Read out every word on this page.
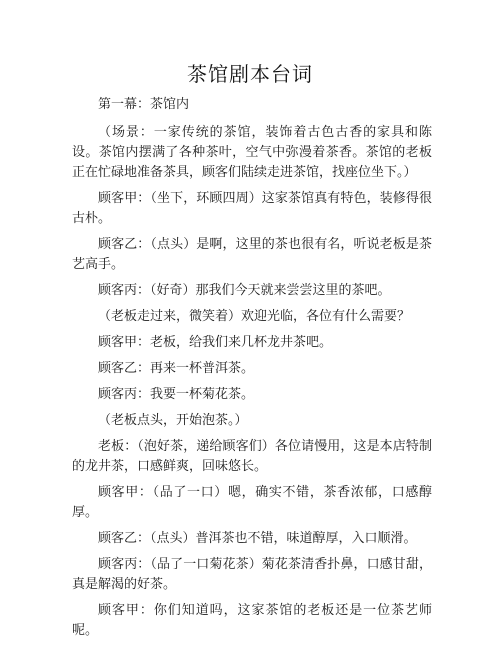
茶馆剧本台词

第一幕：茶馆内

（场景：一家传统的茶馆，装饰着古色古香的家具和陈设。茶馆内摆满了各种茶叶，空气中弥漫着茶香。茶馆的老板正在忙碌地准备茶具，顾客们陆续走进茶馆，找座位坐下。）

顾客甲：（坐下，环顾四周）这家茶馆真有特色，装修得很古朴。

顾客乙：（点头）是啊，这里的茶也很有名，听说老板是茶艺高手。

顾客丙：（好奇）那我们今天就来尝尝这里的茶吧。

（老板走过来，微笑着）欢迎光临，各位有什么需要？

顾客甲：老板，给我们来几杯龙井茶吧。

顾客乙：再来一杯普洱茶。

顾客丙：我要一杯菊花茶。

（老板点头，开始泡茶。）

老板：（泡好茶，递给顾客们）各位请慢用，这是本店特制的龙井茶，口感鲜爽，回味悠长。

顾客甲：（品了一口）嗯，确实不错，茶香浓郁，口感醇厚。

顾客乙：（点头）普洱茶也不错，味道醇厚，入口顺滑。

顾客丙：（品了一口菊花茶）菊花茶清香扑鼻，口感甘甜，真是解渴的好茶。

顾客甲：你们知道吗，这家茶馆的老板还是一位茶艺师呢。
